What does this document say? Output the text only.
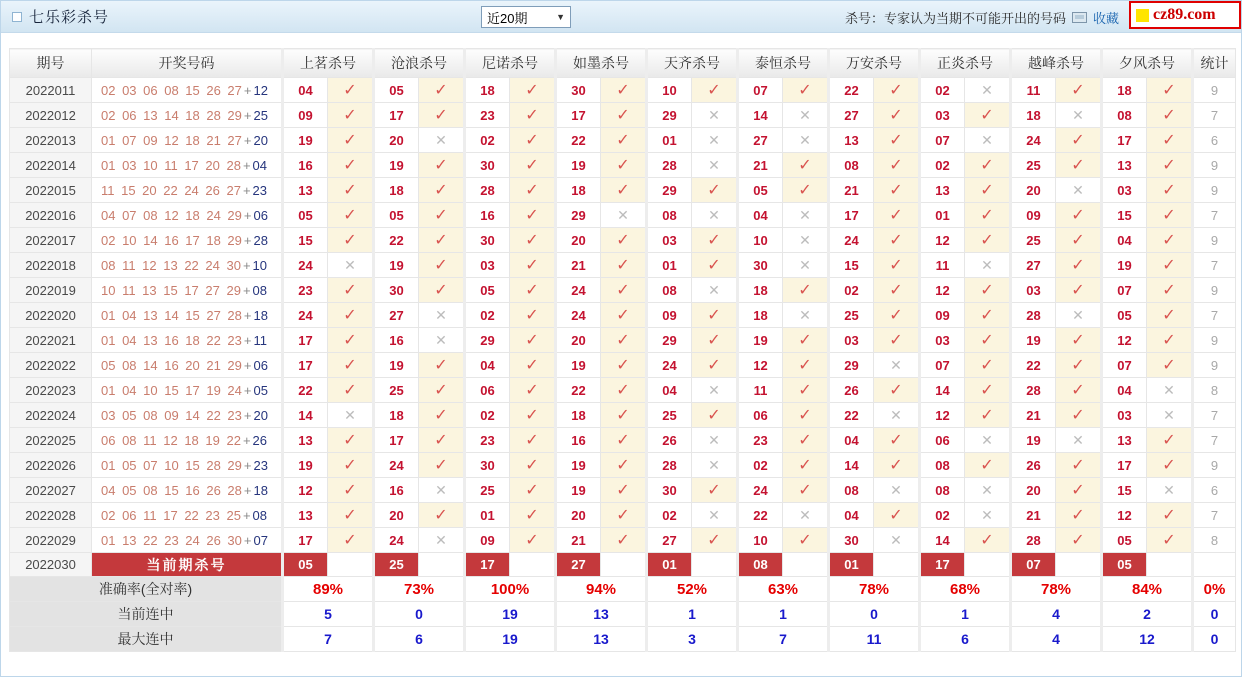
七乐彩杀号	近20期	▼	杀号：专家认为当期不可能开出的号码 收藏 cz89.com
期号	开奖号码	上茗杀号		沧浪杀号		尼诺杀号		如墨杀号		天齐杀号		泰恒杀号		万安杀号		正炎杀号		越峰杀号		夕风杀号		统计
2022011	02 03 06 08 15 26 27 + 12	04	✓	05	✓	18	✓	30	✓	10	✓	07	✓	22	✓	02	✕	11	✓	18	✓	9
2022012	02 06 13 14 18 28 29 + 25	09	✓	17	✓	23	✓	17	✓	29	✕	14	✕	27	✓	03	✓	18	✕	08	✓	7
2022013	01 07 09 12 18 21 27 + 20	19	✓	20	✕	02	✓	22	✓	01	✕	27	✕	13	✓	07	✕	24	✓	17	✓	6
2022014	01 03 10 11 17 20 28 + 04	16	✓	19	✓	30	✓	19	✓	28	✕	21	✓	08	✓	02	✓	25	✓	13	✓	9
2022015	11 15 20 22 24 26 27 + 23	13	✓	18	✓	28	✓	18	✓	29	✓	05	✓	21	✓	13	✓	20	✕	03	✓	9
2022016	04 07 08 12 18 24 29 + 06	05	✓	05	✓	16	✓	29	✕	08	✕	04	✕	17	✓	01	✓	09	✓	15	✓	7
2022017	02 10 14 16 17 18 29 + 28	15	✓	22	✓	30	✓	20	✓	03	✓	10	✕	24	✓	12	✓	25	✓	04	✓	9
2022018	08 11 12 13 22 24 30 + 10	24	✕	19	✓	03	✓	21	✓	01	✓	30	✕	15	✓	11	✕	27	✓	19	✓	7
2022019	10 11 13 15 17 27 29 + 08	23	✓	30	✓	05	✓	24	✓	08	✕	18	✓	02	✓	12	✓	03	✓	07	✓	9
2022020	01 04 13 14 15 27 28 + 18	24	✓	27	✕	02	✓	24	✓	09	✓	18	✕	25	✓	09	✓	28	✕	05	✓	7
2022021	01 04 13 16 18 22 23 + 11	17	✓	16	✕	29	✓	20	✓	29	✓	19	✓	03	✓	03	✓	19	✓	12	✓	9
2022022	05 08 14 16 20 21 29 + 06	17	✓	19	✓	04	✓	19	✓	24	✓	12	✓	29	✕	07	✓	22	✓	07	✓	9
2022023	01 04 10 15 17 19 24 + 05	22	✓	25	✓	06	✓	22	✓	04	✕	11	✓	26	✓	14	✓	28	✓	04	✕	8
2022024	03 05 08 09 14 22 23 + 20	14	✕	18	✓	02	✓	18	✓	25	✓	06	✓	22	✕	12	✓	21	✓	03	✕	7
2022025	06 08 11 12 18 19 22 + 26	13	✓	17	✓	23	✓	16	✓	26	✕	23	✓	04	✓	06	✕	19	✕	13	✓	7
2022026	01 05 07 10 15 28 29 + 23	19	✓	24	✓	30	✓	19	✓	28	✕	02	✓	14	✓	08	✓	26	✓	17	✓	9
2022027	04 05 08 15 16 26 28 + 18	12	✓	16	✕	25	✓	19	✓	30	✓	24	✓	08	✕	08	✕	20	✓	15	✕	6
2022028	02 06 11 17 22 23 25 + 08	13	✓	20	✓	01	✓	20	✓	02	✕	22	✕	04	✓	02	✕	21	✓	12	✓	7
2022029	01 13 22 23 24 26 30 + 07	17	✓	24	✕	09	✓	21	✓	27	✓	10	✓	30	✕	14	✓	28	✓	05	✓	8
2022030	当前期杀号	05		25		17		27		01		08		01		17		07		05		
准确率(全对率)		89%		73%		100%		94%		52%		63%		78%		68%		78%		84%		0%
当前连中		5		0		19		13		1		1		0		1		4		2		0
最大连中		7		6		19		13		3		7		11		6		4		12		0
